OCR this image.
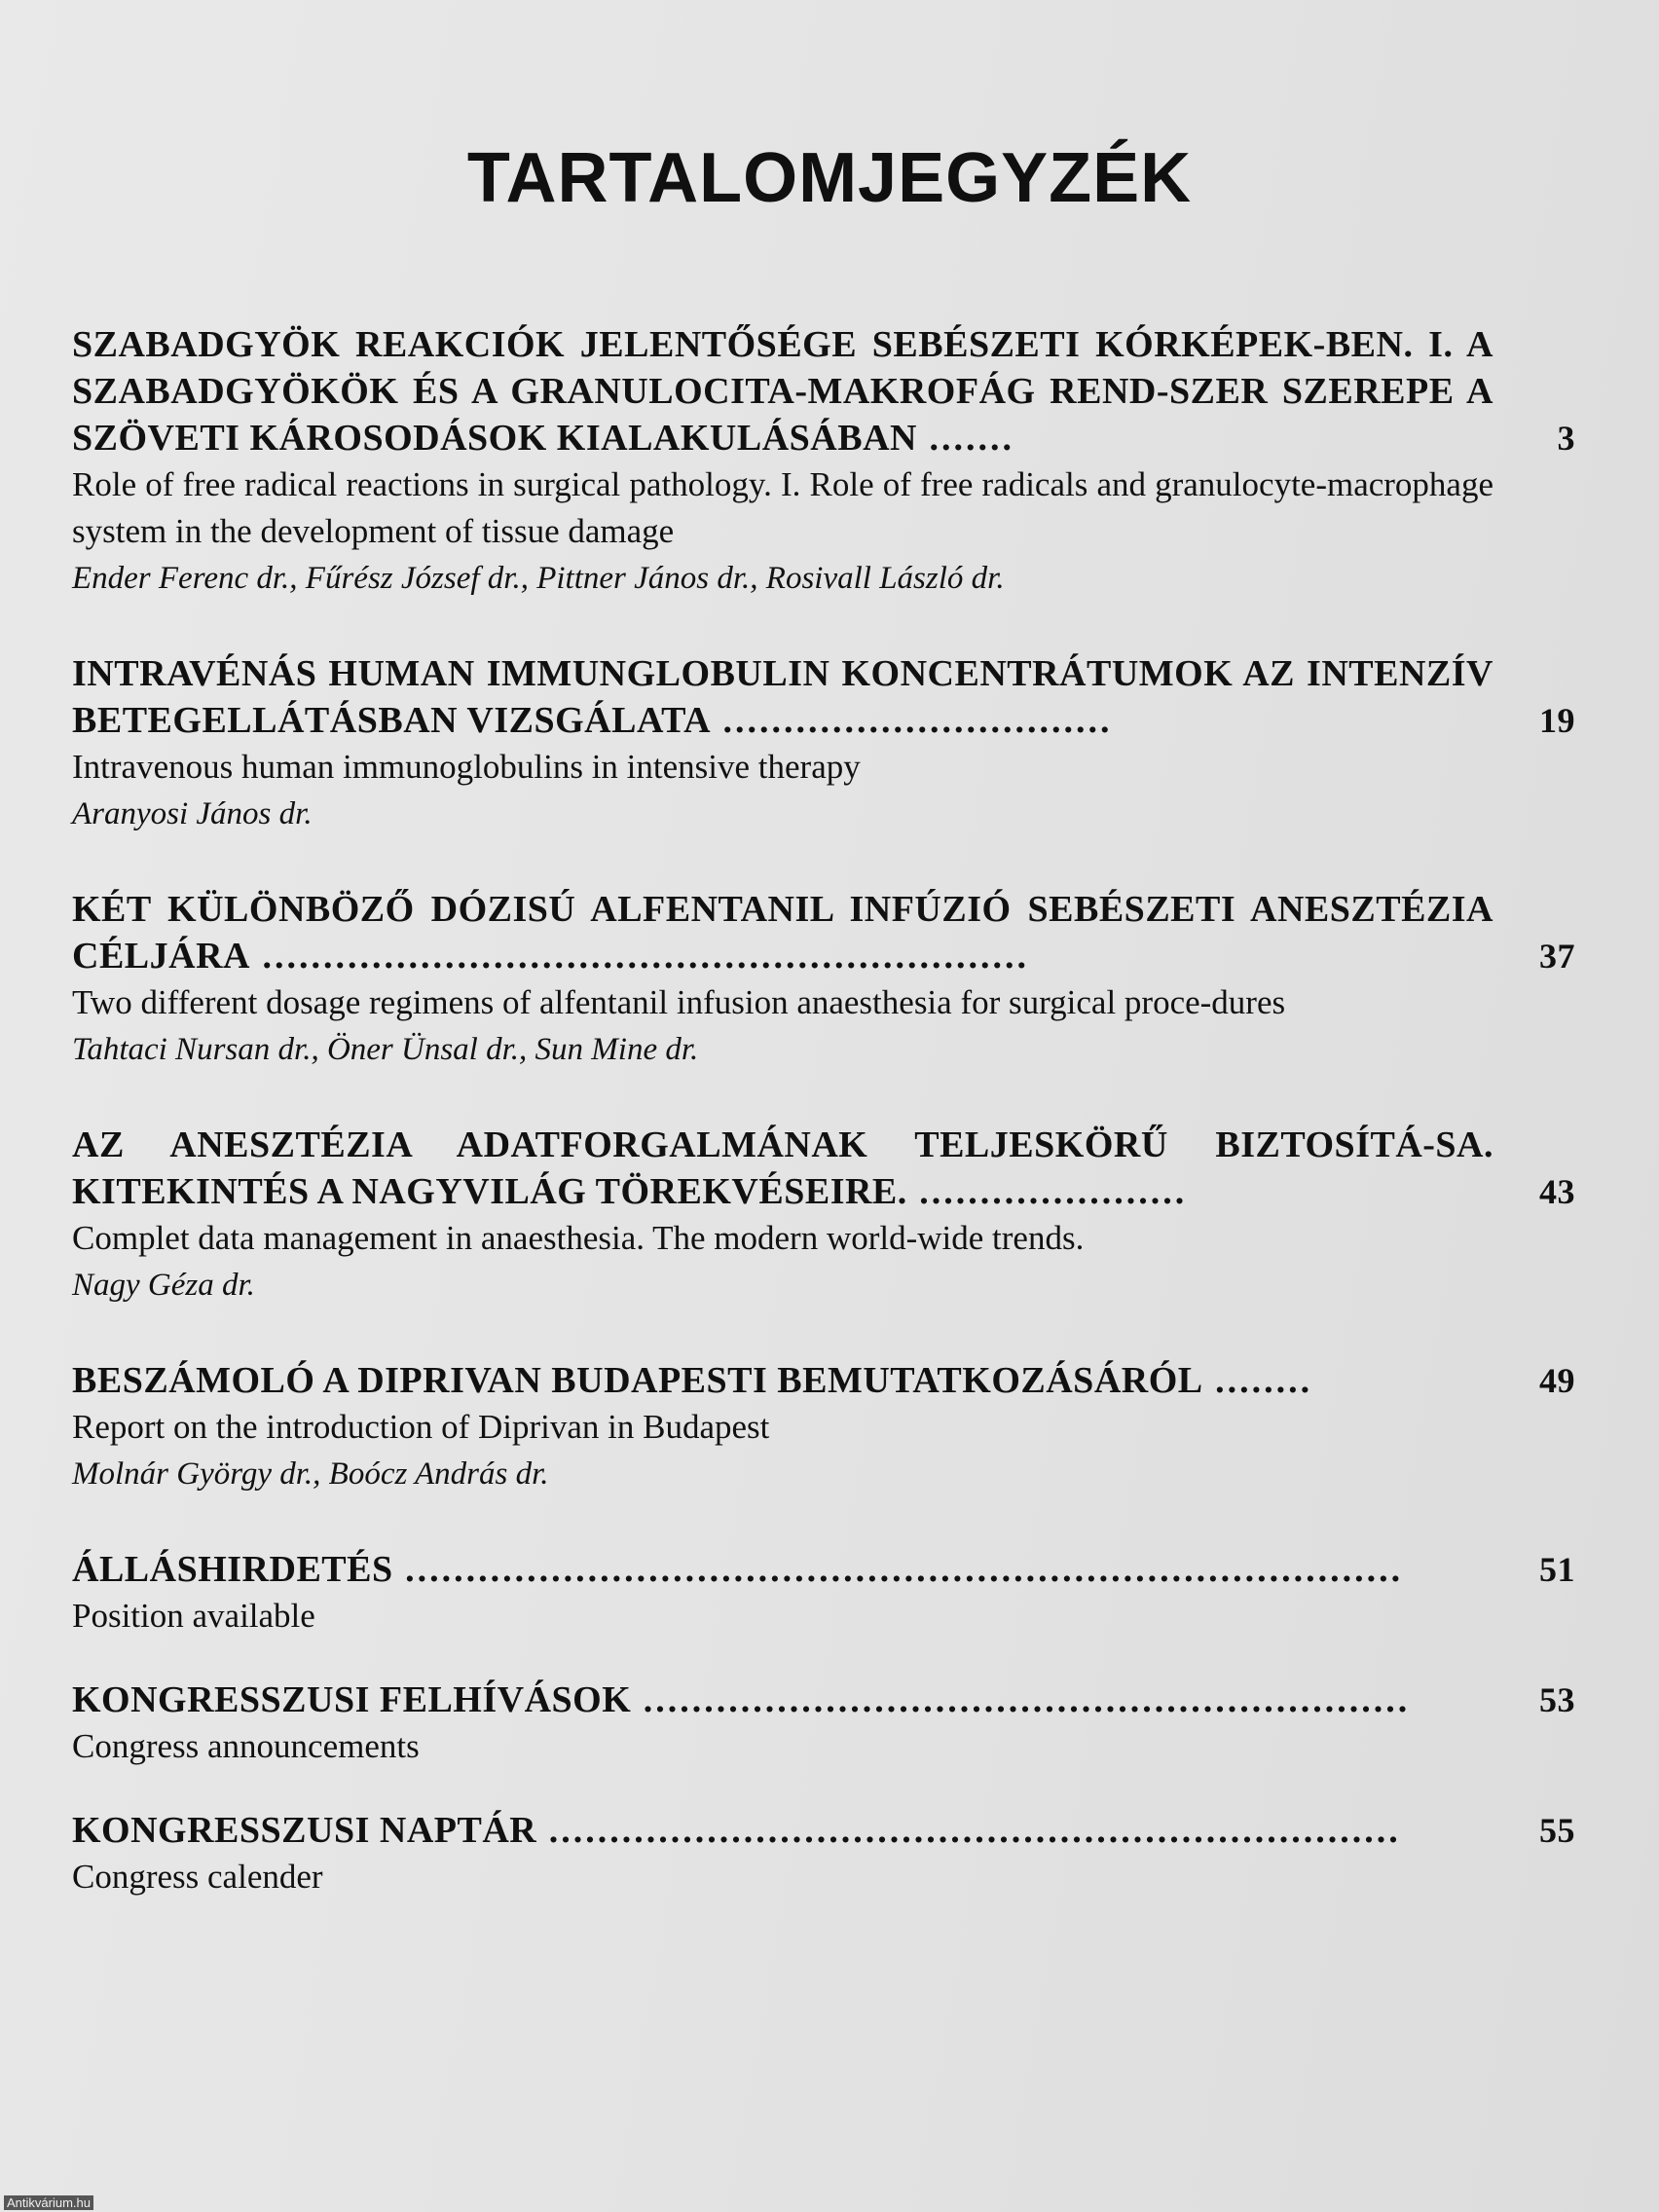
TARTALOMJEGYZÉK
SZABADGYÖK REAKCIÓK JELENTŐSÉGE SEBÉSZETI KÓRKÉPEK-BEN. I. A SZABADGYÖKÖK ÉS A GRANULOCITA-MAKROFÁG REND-SZER SZEREPE A SZÖVETI KÁROSODÁSOK KIALAKULÁSÁBAN .......	3
Role of free radical reactions in surgical pathology. I. Role of free radicals and granulocyte-macrophage system in the development of tissue damage
Ender Ferenc dr., Fűrész József dr., Pittner János dr., Rosivall László dr.
INTRAVÉNÁS HUMAN IMMUNGLOBULIN KONCENTRÁTUMOK AZ INTENZÍV BETEGELLÁTÁSBAN VIZSGÁLATA ................................	19
Intravenous human immunoglobulins in intensive therapy
Aranyosi János dr.
KÉT KÜLÖNBÖZŐ DÓZISÚ ALFENTANIL INFÚZIÓ SEBÉSZETI ANESZTÉZIA CÉLJÁRA ...............................................................	37
Two different dosage regimens of alfentanil infusion anaesthesia for surgical proce-dures
Tahtaci Nursan dr., Öner Ünsal dr., Sun Mine dr.
AZ ANESZTÉZIA ADATFORGALMÁNAK TELJESKÖRŰ BIZTOSÍTÁ-SA. KITEKINTÉS A NAGYVILÁG TÖREKVÉSEIRE. ......................	43
Complet data management in anaesthesia. The modern world-wide trends.
Nagy Géza dr.
BESZÁMOLÓ A DIPRIVAN BUDAPESTI BEMUTATKOZÁSÁRÓL ........	49
Report on the introduction of Diprivan in Budapest
Molnár György dr., Boócz András dr.
ÁLLÁSHIRDETÉS ..................................................................................	51
Position available
KONGRESSZUSI FELHÍVÁSOK ...............................................................	53
Congress announcements
KONGRESSZUSI NAPTÁR ......................................................................	55
Congress calender
Antikvárium.hu
